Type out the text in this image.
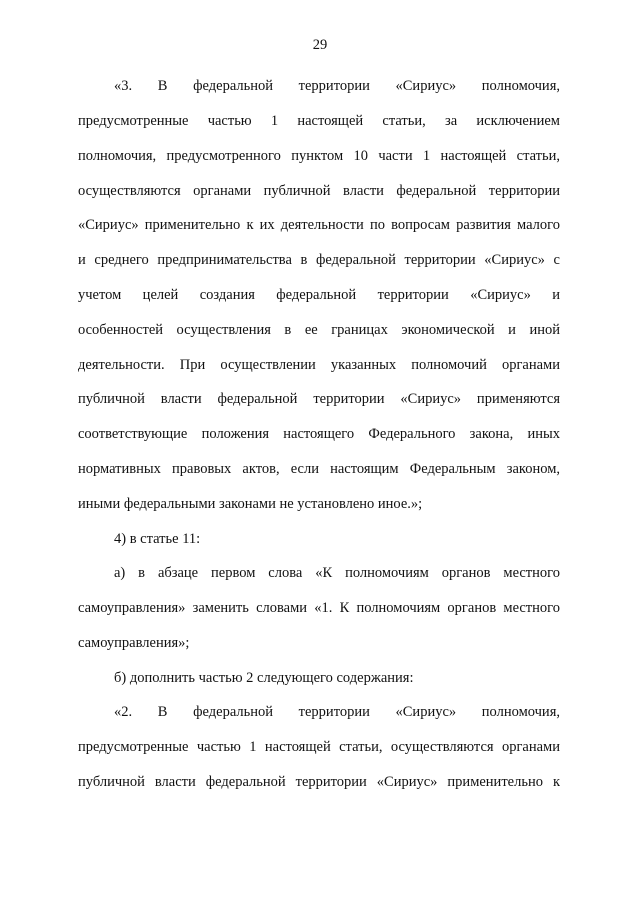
29
«3. В федеральной территории «Сириус» полномочия,
предусмотренные частью 1 настоящей статьи, за исключением
полномочия, предусмотренного пунктом 10 части 1 настоящей статьи,
осуществляются органами публичной власти федеральной территории
«Сириус» применительно к их деятельности по вопросам развития малого
и среднего предпринимательства в федеральной территории «Сириус» с
учетом целей создания федеральной территории «Сириус» и
особенностей осуществления в ее границах экономической и иной
деятельности. При осуществлении указанных полномочий органами
публичной власти федеральной территории «Сириус» применяются
соответствующие положения настоящего Федерального закона, иных
нормативных правовых актов, если настоящим Федеральным законом,
иными федеральными законами не установлено иное.»;
4) в статье 11:
а) в абзаце первом слова «К полномочиям органов местного
самоуправления» заменить словами «1. К полномочиям органов местного
самоуправления»;
б) дополнить частью 2 следующего содержания:
«2. В федеральной территории «Сириус» полномочия,
предусмотренные частью 1 настоящей статьи, осуществляются органами
публичной власти федеральной территории «Сириус» применительно к
